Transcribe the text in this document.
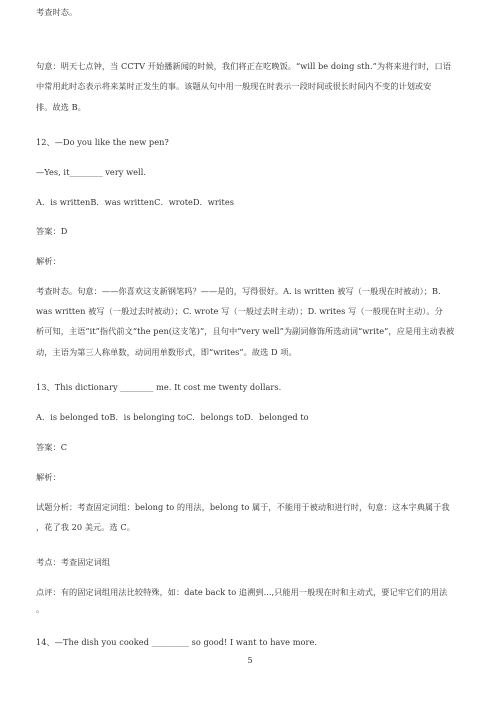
考查时态。
句意：明天七点钟，当 CCTV 开始播新闻的时候，我们将正在吃晚饭。“will be doing sth.”为将来进行时，口语
中常用此时态表示将来某时正发生的事。该题从句中用一般现在时表示一段时间或很长时间内不变的计划或安
排。故选 B。
12、—Do you like the new pen?
—Yes, it________ very well.
A．is writtenB．was writtenC．wroteD．writes
答案：D
解析：
考查时态。句意：——你喜欢这支新钢笔吗？——是的，写得很好。A. is written 被写（一般现在时被动）；B.
was written 被写（一般过去时被动）；C. wrote 写（一般过去时主动）；D. writes 写（一般现在时主动）。分
析可知，主语“it”指代前文“the pen(这支笔)”，且句中“very well”为副词修饰所选动词“write”，应是用主动表被
动，主语为第三人称单数，动词用单数形式，即“writes”。故选 D 项。
13、This dictionary ________ me. It cost me twenty dollars.
A．is belonged toB．is belonging toC．belongs toD．belonged to
答案：C
解析：
试题分析：考查固定词组：belong to 的用法，belong to 属于，不能用于被动和进行时，句意：这本字典属于我
，花了我 20 美元。选 C。
考点：考查固定词组
点评：有的固定词组用法比较特殊，如：date back to 追溯到...,只能用一般现在时和主动式，要记牢它们的用法
。
14、—The dish you cooked _________ so good! I want to have more.
5
